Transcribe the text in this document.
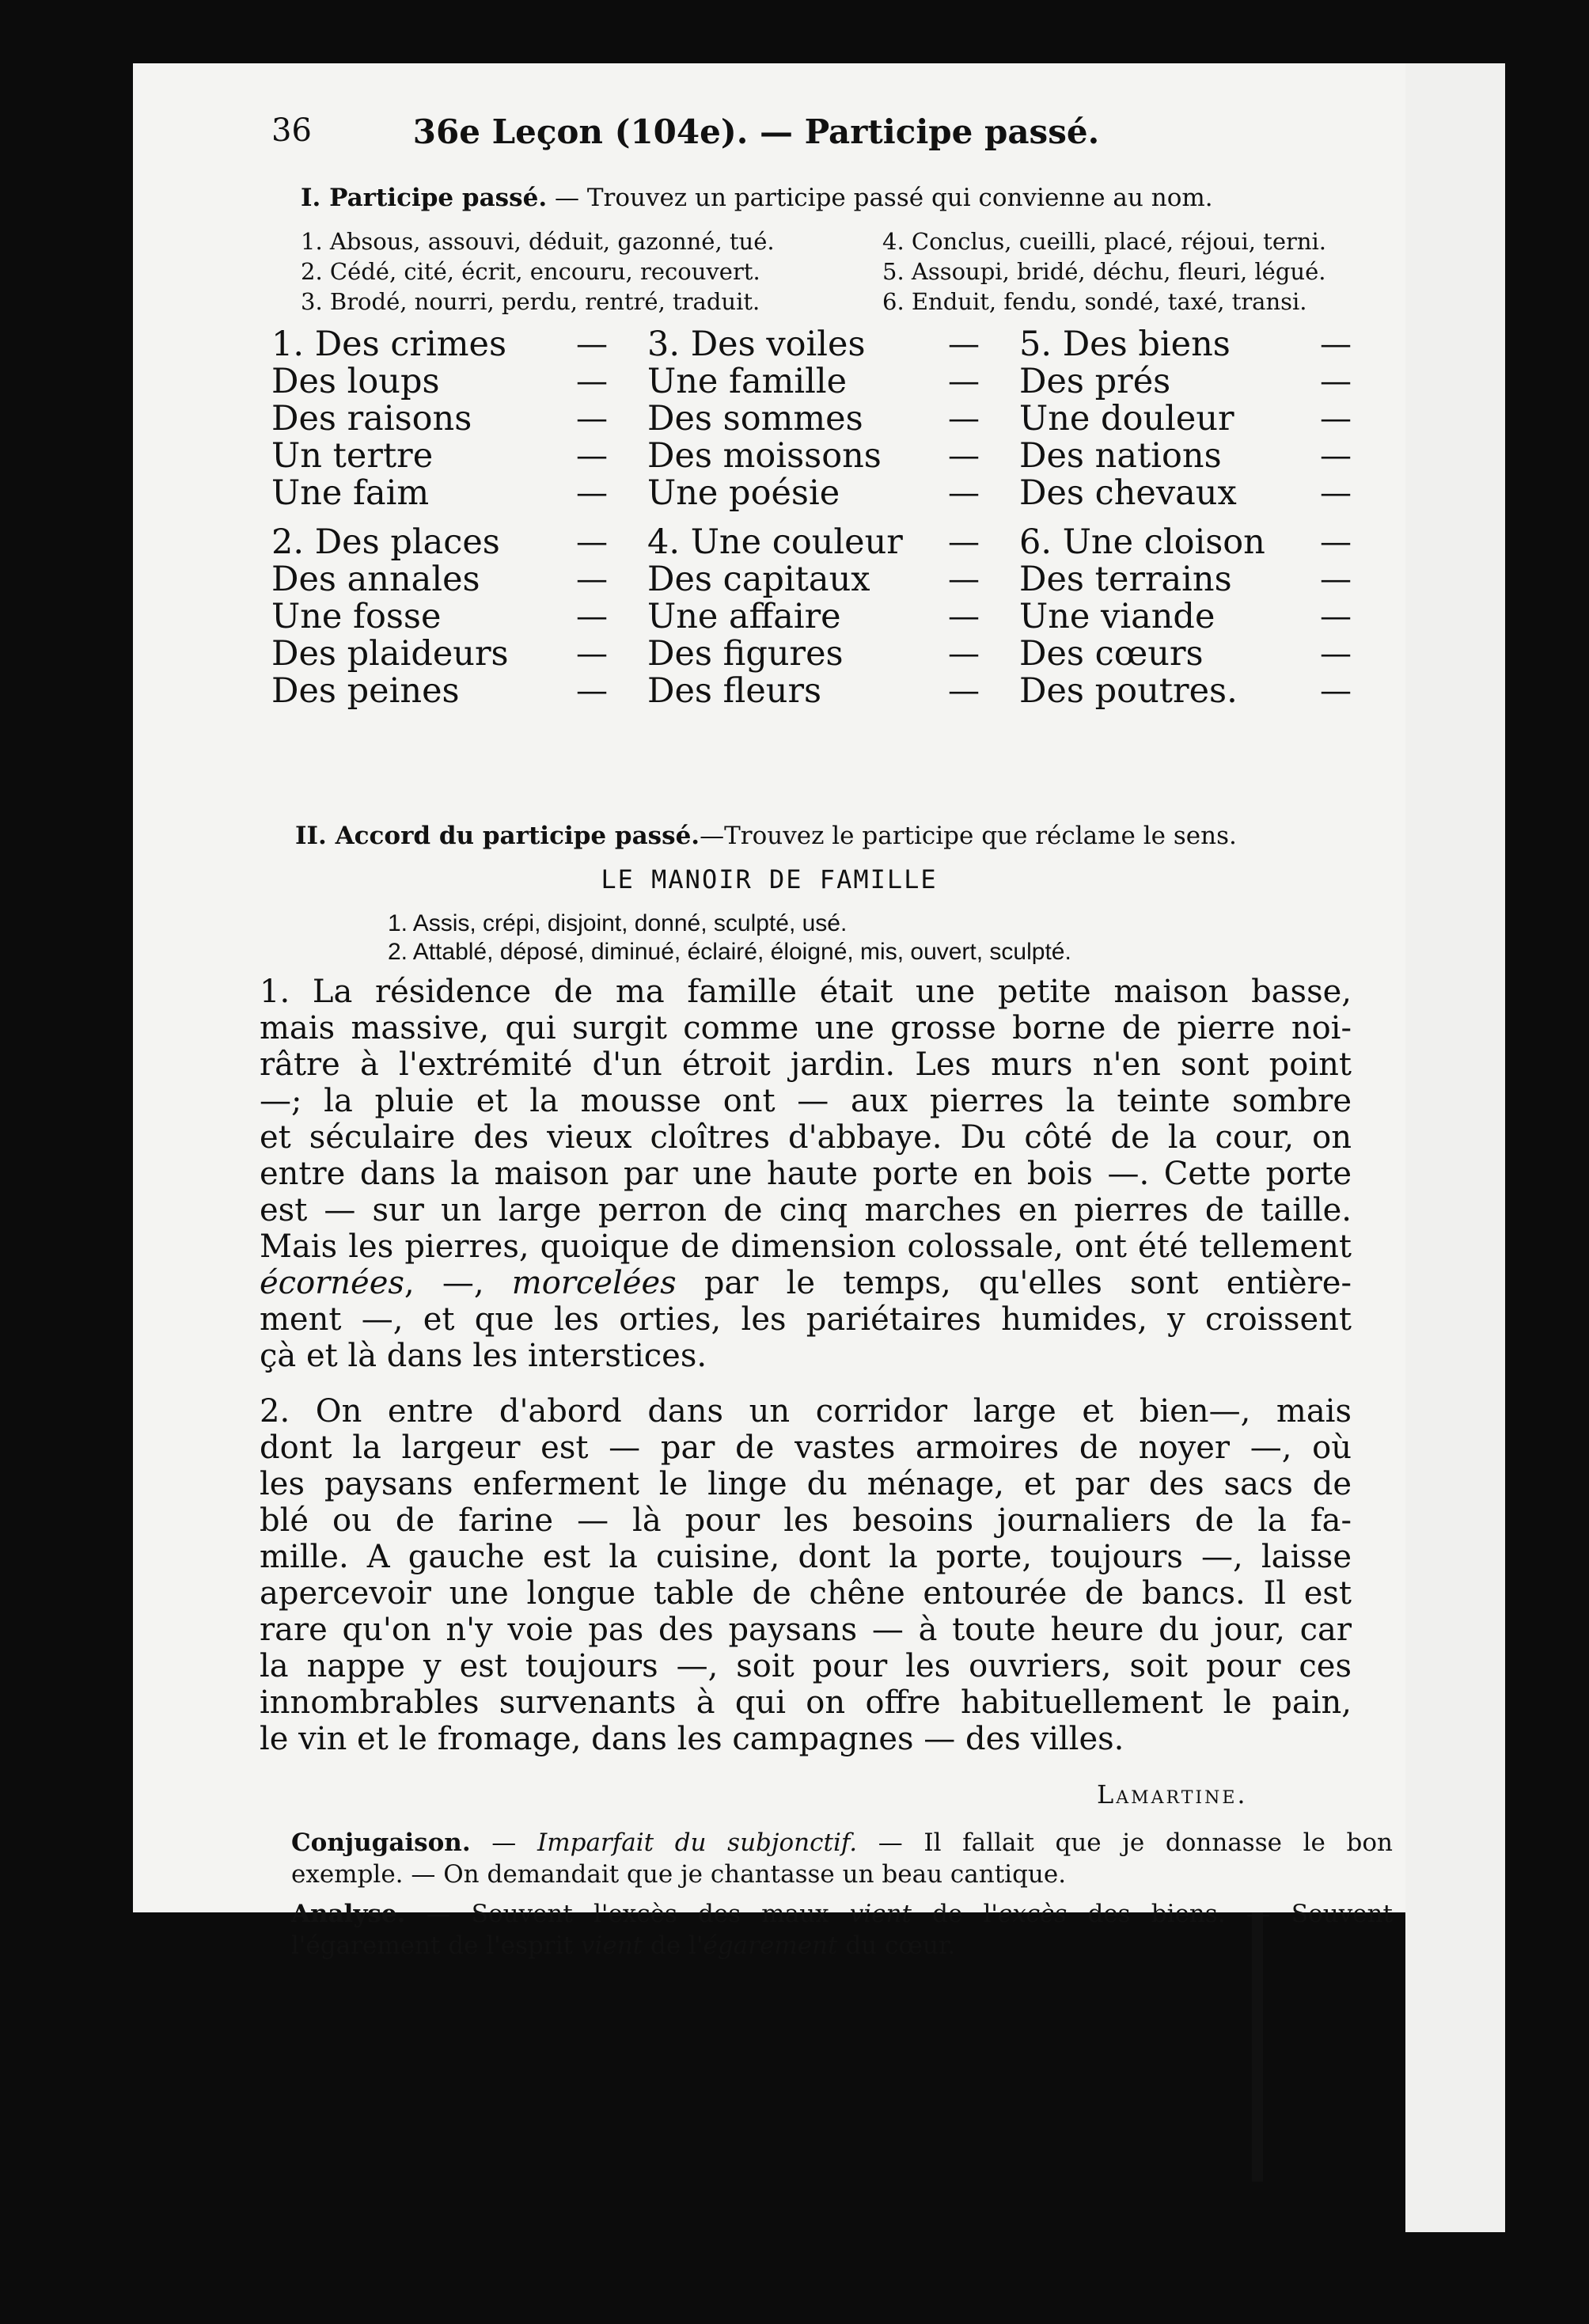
36	36e Leçon (104e). — Participe passé.
I. Participe passé. — Trouvez un participe passé qui convienne au nom.
1. Absous, assouvi, déduit, gazonné, tué.	4. Conclus, cueilli, placé, réjoui, terni.
2. Cédé, cité, écrit, encouru, recouvert.	5. Assoupi, bridé, déchu, fleuri, légué.
3. Brodé, nourri, perdu, rentré, traduit.	6. Enduit, fendu, sondé, taxé, transi.
1. Des crimes —
Des loups	—
Des raisons	—
Un tertre	—
Une faim	—
2. Des places —
Des annales	—
Une fosse	—
Des plaideurs —
Des peines	—
3. Des voiles	—
Une famille	—
Des sommes	—
Des moissons —
Une poésie	—
4. Une couleur —
Des capitaux —
Une affaire	—
Des figures	—
Des fleurs	—
5. Des biens	—
Des prés	—
Une douleur	—
Des nations	—
Des chevaux	—
6. Une cloison —
Des terrains	—
Une viande	—
Des cœurs	—
Des poutres.	—
II. Accord du participe passé.—Trouvez le participe que réclame le sens.
LE MANOIR DE FAMILLE
1. Assis, crépi, disjoint, donné, sculpté, usé.
2. Attablé, déposé, diminué, éclairé, éloigné, mis, ouvert, sculpté.
1. La résidence de ma famille était une petite maison basse,
mais massive, qui surgit comme une grosse borne de pierre noi-
râtre à l'extrémité d'un étroit jardin. Les murs n'en sont point
—; la pluie et la mousse ont — aux pierres la teinte sombre
et séculaire des vieux cloîtres d'abbaye. Du côté de la cour, on
entre dans la maison par une haute porte en bois —. Cette porte
est — sur un large perron de cinq marches en pierres de taille.
Mais les pierres, quoique de dimension colossale, ont été tellement
écornées, —, morcelées par le temps, qu'elles sont entière-
ment —, et que les orties, les pariétaires humides, y croissent
çà et là dans les interstices.
2. On entre d'abord dans un corridor large et bien—, mais
dont la largeur est — par de vastes armoires de noyer —, où
les paysans enferment le linge du ménage, et par des sacs de
blé ou de farine — là pour les besoins journaliers de la fa-
mille. A gauche est la cuisine, dont la porte, toujours —, laisse
apercevoir une longue table de chêne entourée de bancs. Il est
rare qu'on n'y voie pas des paysans — à toute heure du jour, car
la nappe y est toujours —, soit pour les ouvriers, soit pour ces
innombrables survenants à qui on offre habituellement le pain,
le vin et le fromage, dans les campagnes — des villes.
Lamartine.
Conjugaison. — Imparfait du subjonctif. — Il fallait que je donnasse le bon
exemple. — On demandait que je chantasse un beau cantique.
Analyse. — Souvent l'excès des maux vient de l'excès des biens. — Souvent
l'égarement de l'esprit vient de l'égarement du cœur.
